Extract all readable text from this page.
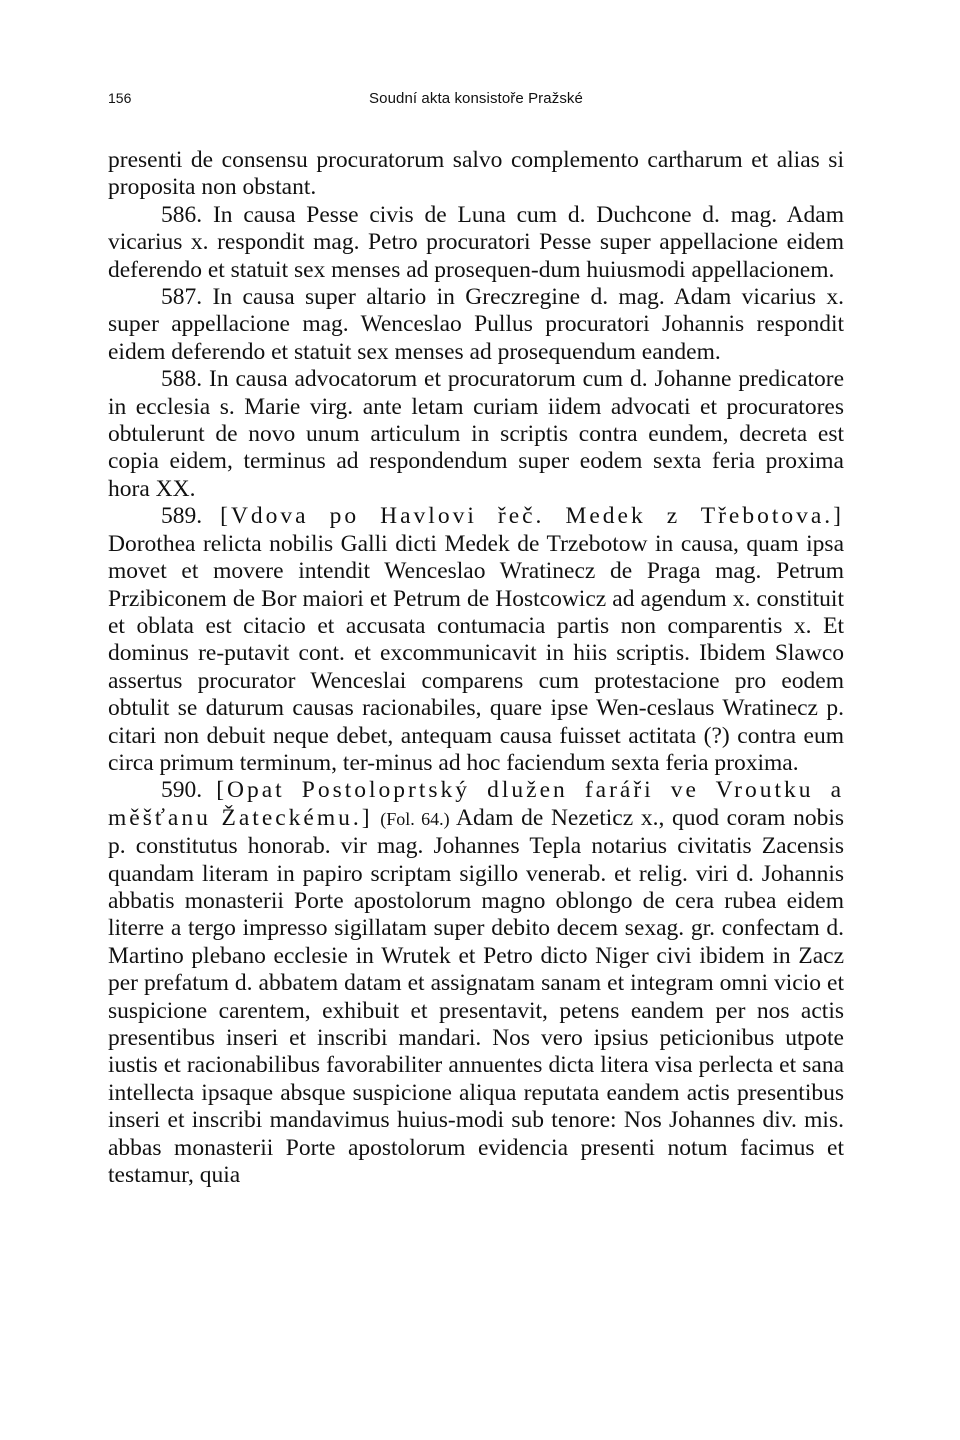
156	Soudní akta konsistoře Pražské

presenti de consensu procuratorum salvo complemento cartharum et alias si proposita non obstant.

586. In causa Pesse civis de Luna cum d. Duchcone d. mag. Adam vicarius x. respondit mag. Petro procuratori Pesse super appellacione eidem deferendo et statuit sex menses ad prosequen-dum huiusmodi appellacionem.

587. In causa super altario in Greczregine d. mag. Adam vicarius x. super appellacione mag. Wenceslao Pullus procuratori Johannis respondit eidem deferendo et statuit sex menses ad prosequendum eandem.

588. In causa advocatorum et procuratorum cum d. Johanne predicatore in ecclesia s. Marie virg. ante letam curiam iidem advocati et procuratores obtulerunt de novo unum articulum in scriptis contra eundem, decreta est copia eidem, terminus ad respondendum super eodem sexta feria proxima hora XX.

589. [Vdova po Havlovi řeč. Medek z Třebotova.] Dorothea relicta nobilis Galli dicti Medek de Trzebotow in causa, quam ipsa movet et movere intendit Wenceslao Wratinecz de Praga mag. Petrum Przibiconem de Bor maiori et Petrum de Hostcowicz ad agendum x. constituit et oblata est citacio et accusata contumacia partis non comparentis x. Et dominus re-putavit cont. et excommunicavit in hiis scriptis. Ibidem Slawco assertus procurator Wenceslai comparens cum protestacione pro eodem obtulit se daturum causas racionabiles, quare ipse Wen-ceslaus Wratinecz p. citari non debuit neque debet, antequam causa fuisset actitata (?) contra eum circa primum terminum, ter-minus ad hoc faciendum sexta feria proxima.

590. [Opat Postoloprtský dlužen faráři ve Vroutku a měšťanu Žateckému.] (Fol. 64.) Adam de Nezeticz x., quod coram nobis p. constitutus honorab. vir mag. Johannes Tepla notarius civitatis Zacensis quandam literam in papiro scriptam sigillo venerab. et relig. viri d. Johannis abbatis monasterii Porte apostolorum magno oblongo de cera rubea eidem literre a tergo impresso sigillatam super debito decem sexag. gr. confectam d. Martino plebano ecclesie in Wrutek et Petro dicto Niger civi ibidem in Zacz per prefatum d. abbatem datam et assignatam sanam et integram omni vicio et suspicione carentem, exhibuit et presentavit, petens eandem per nos actis presentibus inseri et inscribi mandari. Nos vero ipsius peticionibus utpote iustis et racionabilibus favorabiliter annuentes dicta litera visa perlecta et sana intellecta ipsaque absque suspicione aliqua reputata eandem actis presentibus inseri et inscribi mandavimus huius-modi sub tenore: Nos Johannes div. mis. abbas monasterii Porte apostolorum evidencia presenti notum facimus et testamur, quia
